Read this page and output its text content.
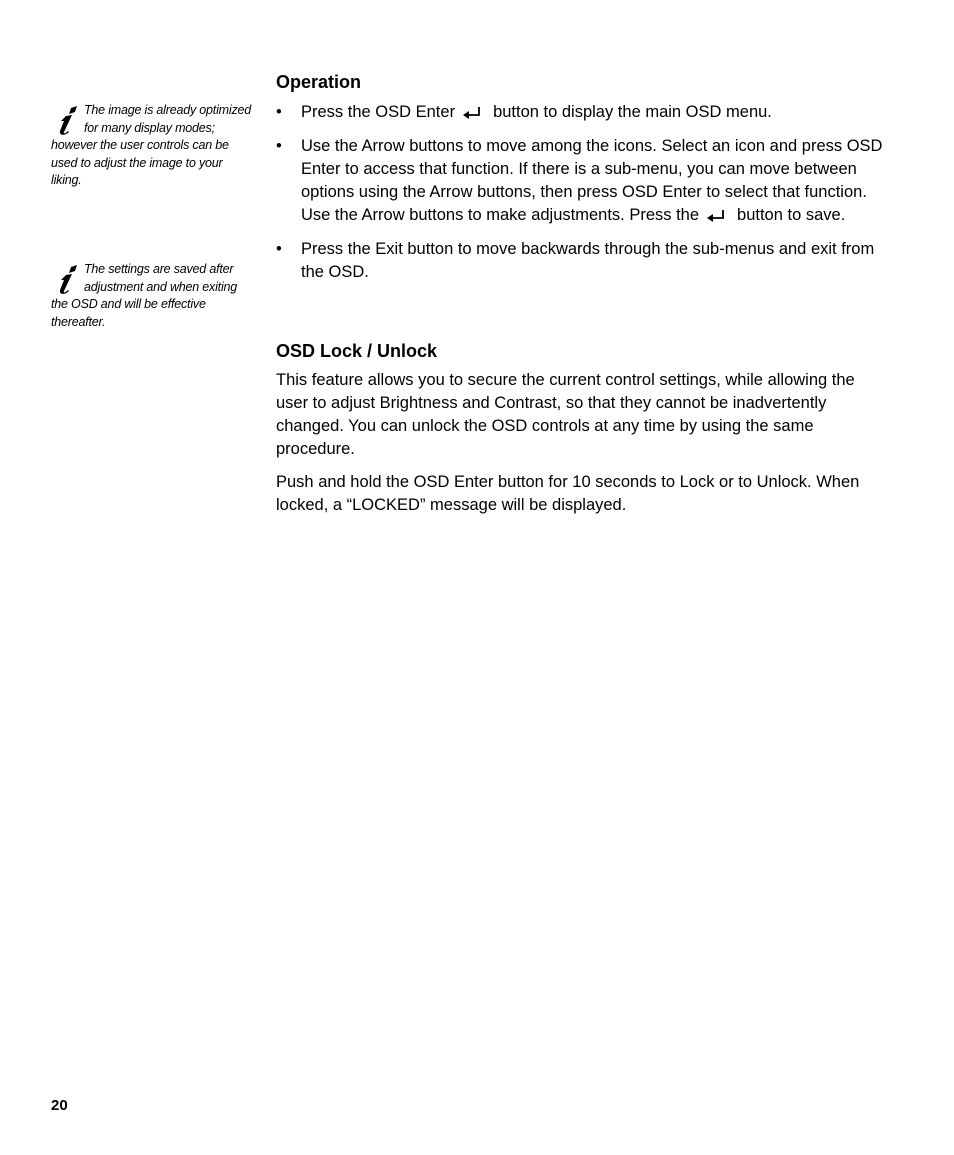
The image is already optimized for many display modes; however the user controls can be used to adjust the image to your liking.
The settings are saved after adjustment and when exiting the OSD and will be effective thereafter.
Operation
• Press the OSD Enter button to display the main OSD menu.
• Use the Arrow buttons to move among the icons. Select an icon and press OSD Enter to access that function. If there is a sub-menu, you can move between options using the Arrow buttons, then press OSD Enter to select that function. Use the Arrow buttons to make adjustments. Press the button to save.
• Press the Exit button to move backwards through the sub-menus and exit from the OSD.
OSD Lock / Unlock

This feature allows you to secure the current control settings, while allowing the user to adjust Brightness and Contrast, so that they cannot be inadvertently changed. You can unlock the OSD controls at any time by using the same procedure.

Push and hold the OSD Enter button for 10 seconds to Lock or to Unlock. When locked, a “LOCKED” message will be displayed.

20
